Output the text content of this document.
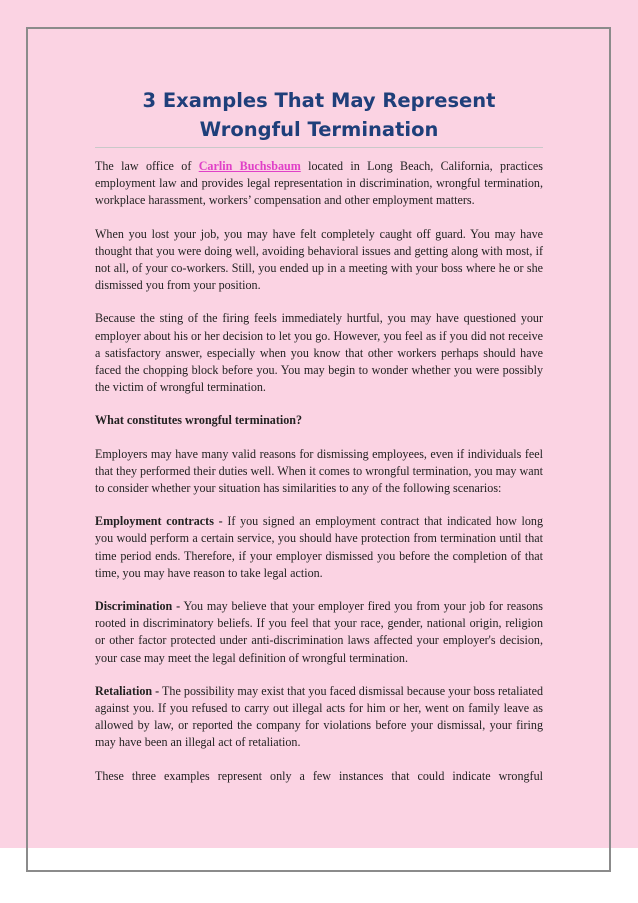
3 Examples That May Represent
Wrongful Termination

The law office of Carlin Buchsbaum located in Long Beach, California, practices employment law and provides legal representation in discrimination, wrongful termination, workplace harassment, workers’ compensation and other employment matters.

When you lost your job, you may have felt completely caught off guard. You may have thought that you were doing well, avoiding behavioral issues and getting along with most, if not all, of your co-workers. Still, you ended up in a meeting with your boss where he or she dismissed you from your position.

Because the sting of the firing feels immediately hurtful, you may have questioned your employer about his or her decision to let you go. However, you feel as if you did not receive a satisfactory answer, especially when you know that other workers perhaps should have faced the chopping block before you. You may begin to wonder whether you were possibly the victim of wrongful termination.

What constitutes wrongful termination?

Employers may have many valid reasons for dismissing employees, even if individuals feel that they performed their duties well. When it comes to wrongful termination, you may want to consider whether your situation has similarities to any of the following scenarios:

Employment contracts - If you signed an employment contract that indicated how long you would perform a certain service, you should have protection from termination until that time period ends. Therefore, if your employer dismissed you before the completion of that time, you may have reason to take legal action.

Discrimination - You may believe that your employer fired you from your job for reasons rooted in discriminatory beliefs. If you feel that your race, gender, national origin, religion or other factor protected under anti-discrimination laws affected your employer's decision, your case may meet the legal definition of wrongful termination.

Retaliation - The possibility may exist that you faced dismissal because your boss retaliated against you. If you refused to carry out illegal acts for him or her, went on family leave as allowed by law, or reported the company for violations before your dismissal, your firing may have been an illegal act of retaliation.

These three examples represent only a few instances that could indicate wrongful
